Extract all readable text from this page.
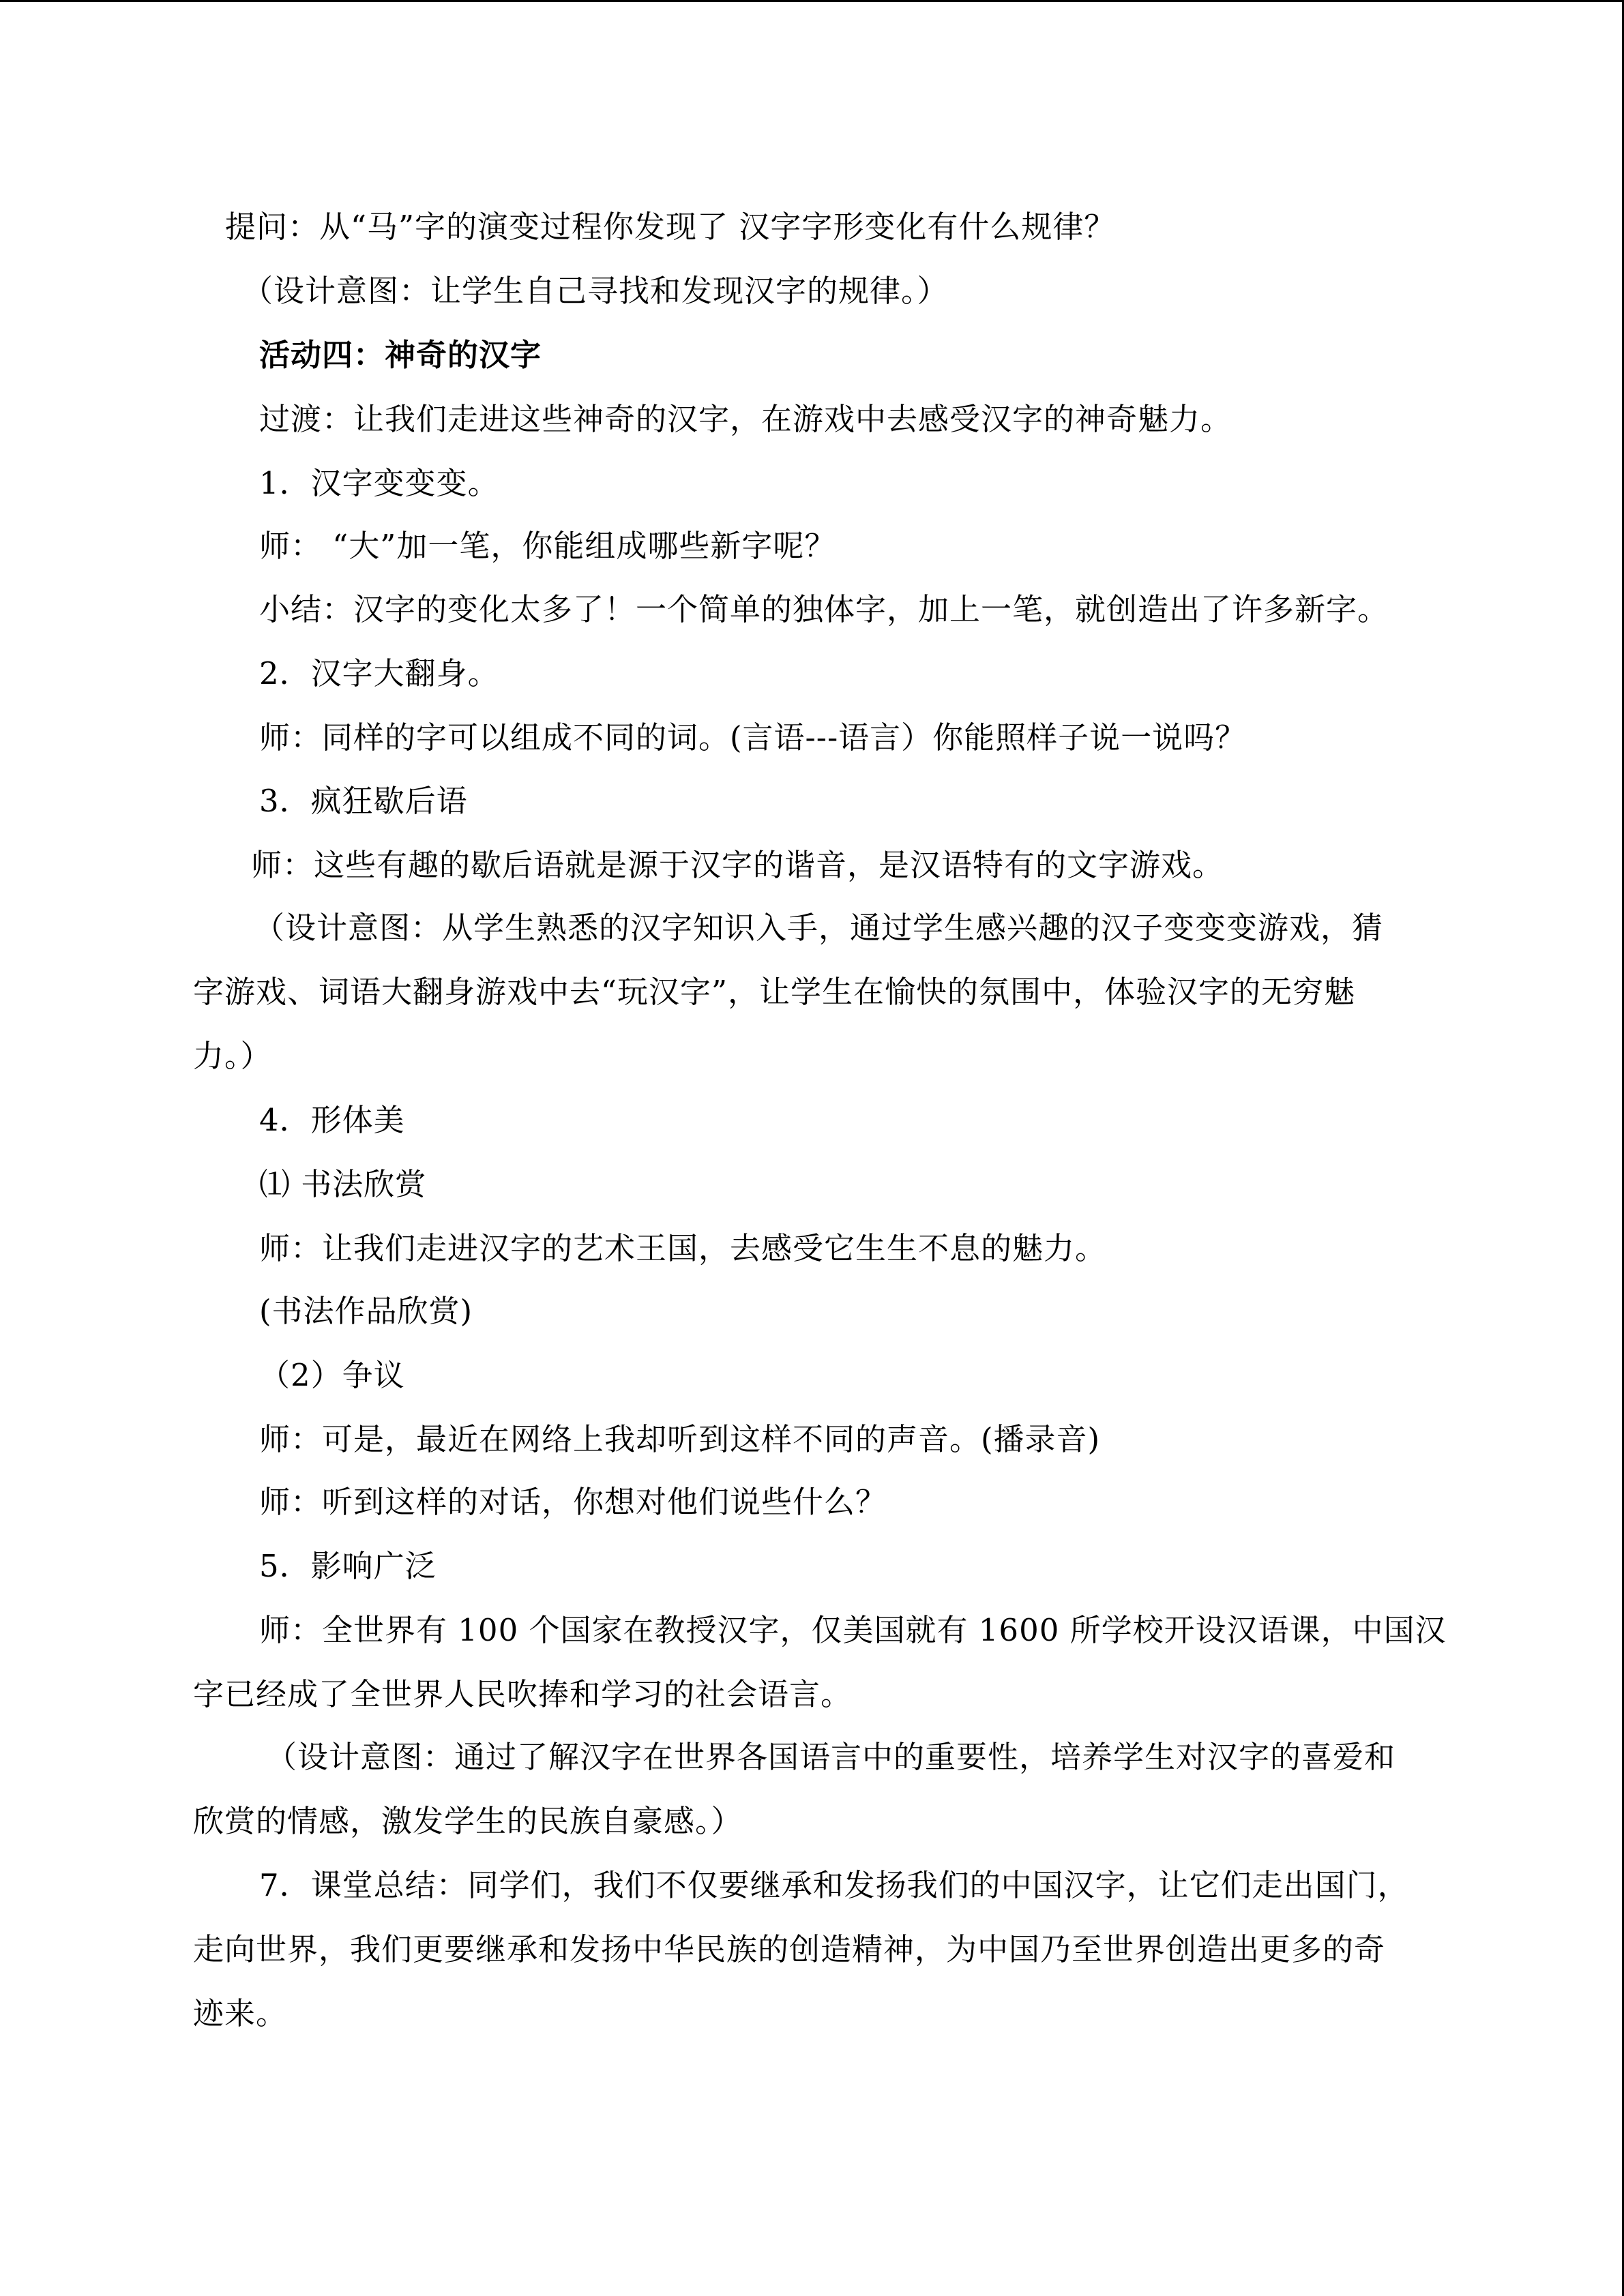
提问：从“马”字的演变过程你发现了 汉字字形变化有什么规律？
（设计意图：让学生自己寻找和发现汉字的规律。）
活动四：神奇的汉字
过渡：让我们走进这些神奇的汉字，在游戏中去感受汉字的神奇魅力。
1．汉字变变变。
师： “大”加一笔，你能组成哪些新字呢？
小结：汉字的变化太多了！一个简单的独体字，加上一笔，就创造出了许多新字。
2．汉字大翻身。
师：同样的字可以组成不同的词。(言语---语言）你能照样子说一说吗？
3．疯狂歇后语
师：这些有趣的歇后语就是源于汉字的谐音，是汉语特有的文字游戏。
（设计意图：从学生熟悉的汉字知识入手，通过学生感兴趣的汉子变变变游戏，猜
字游戏、词语大翻身游戏中去“玩汉字”，让学生在愉快的氛围中，体验汉字的无穷魅
力。）
4．形体美
⑴ 书法欣赏
师：让我们走进汉字的艺术王国，去感受它生生不息的魅力。
(书法作品欣赏)
（2）争议
师：可是，最近在网络上我却听到这样不同的声音。(播录音)
师：听到这样的对话，你想对他们说些什么？
5．影响广泛
师：全世界有 100 个国家在教授汉字，仅美国就有 1600 所学校开设汉语课，中国汉
字已经成了全世界人民吹捧和学习的社会语言。
（设计意图：通过了解汉字在世界各国语言中的重要性，培养学生对汉字的喜爱和
欣赏的情感，激发学生的民族自豪感。）
7．课堂总结：同学们，我们不仅要继承和发扬我们的中国汉字，让它们走出国门，
走向世界，我们更要继承和发扬中华民族的创造精神，为中国乃至世界创造出更多的奇
迹来。
